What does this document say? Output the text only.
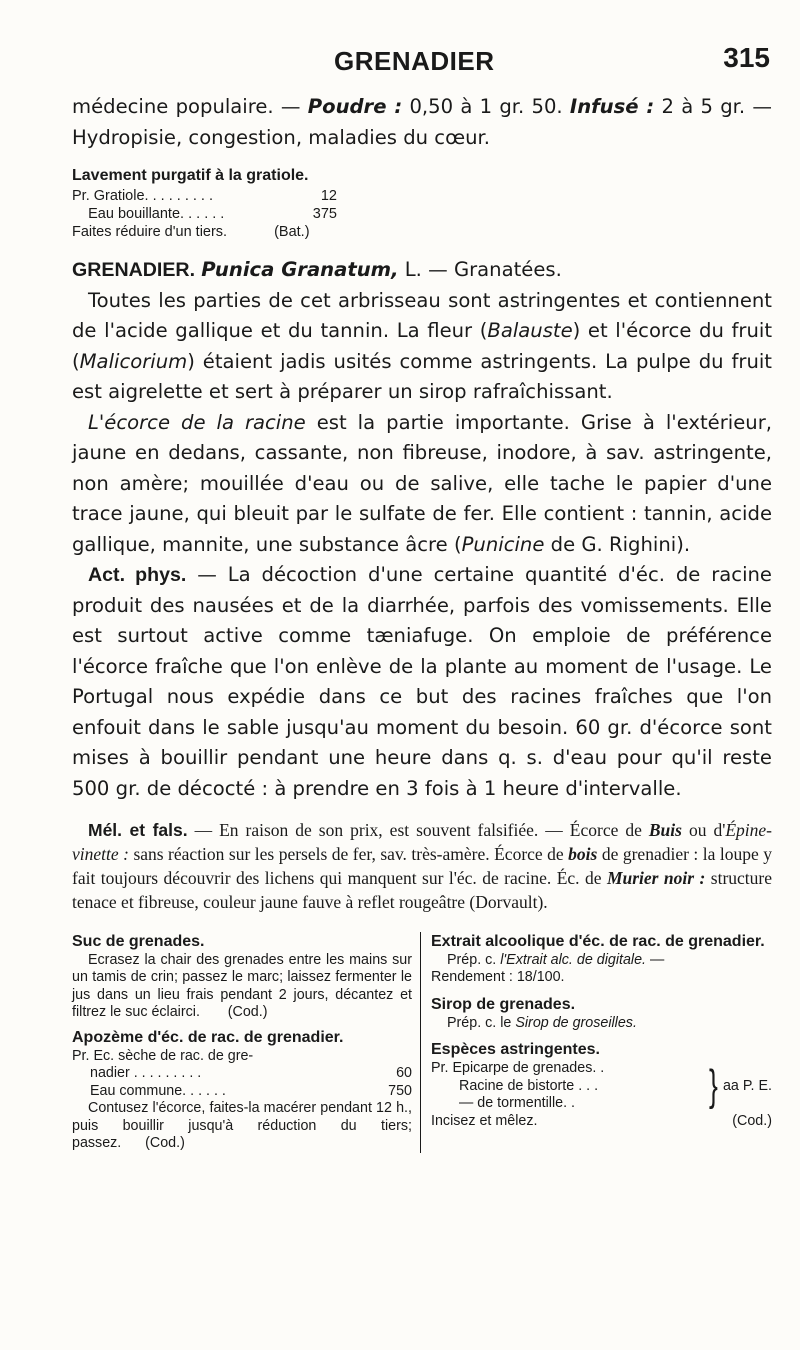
GRENADIER	315

médecine populaire. — Poudre : 0,50 à 1 gr. 50. Infusé : 2 à 5 gr. — Hydropisie, congestion, maladies du cœur.

Lavement purgatif à la gratiole.
Pr. Gratiole. . . . . . . . .	12
Eau bouillante. . . . . .	375
Faites réduire d'un tiers.
	(Bat.)

GRENADIER. Punica Granatum, L. — Granatées.

Toutes les parties de cet arbrisseau sont astringentes et contiennent de l'acide gallique et du tannin. La fleur (Balauste) et l'écorce du fruit (Malicorium) étaient jadis usités comme astringents. La pulpe du fruit est aigrelette et sert à préparer un sirop rafraîchissant.

L'écorce de la racine est la partie importante. Grise à l'extérieur, jaune en dedans, cassante, non fibreuse, inodore, à sav. astringente, non amère; mouillée d'eau ou de salive, elle tache le papier d'une trace jaune, qui bleuit par le sulfate de fer. Elle contient : tannin, acide gallique, mannite, une substance âcre (Punicine de G. Righini).

Act. phys. — La décoction d'une certaine quantité d'éc. de racine produit des nausées et de la diarrhée, parfois des vomissements. Elle est surtout active comme tæniafuge. On emploie de préférence l'écorce fraîche que l'on enlève de la plante au moment de l'usage. Le Portugal nous expédie dans ce but des racines fraîches que l'on enfouit dans le sable jusqu'au moment du besoin. 60 gr. d'écorce sont mises à bouillir pendant une heure dans q. s. d'eau pour qu'il reste 500 gr. de décocté : à prendre en 3 fois à 1 heure d'intervalle.

Mél. et fals. — En raison de son prix, est souvent falsifiée. — Écorce de Buis ou d'Épine-vinette : sans réaction sur les persels de fer, sav. très-amère. Écorce de bois de grenadier : la loupe y fait toujours découvrir des lichens qui manquent sur l'éc. de racine. Éc. de Murier noir : structure tenace et fibreuse, couleur jaune fauve à reflet rougeâtre (Dorvault).

Suc de grenades.
Ecrasez la chair des grenades entre les mains sur un tamis de crin; passez le marc; laissez fermenter le jus dans un lieu frais pendant 2 jours, décantez et filtrez le suc éclairci. (Cod.)
Apozème d'éc. de rac. de grenadier.
Pr. Ec. sèche de rac. de gre-
nadier . . . . . . . . .	60
Eau commune. . . . . .	750
Contusez l'écorce, faites-la macérer pendant 12 h., puis bouillir jusqu'à réduction du tiers; passez. (Cod.)
Extrait alcoolique d'éc. de rac. de grenadier.
Prép. c. l'Extrait alc. de digitale. —
Rendement : 18/100.
Sirop de grenades.
Prép. c. le Sirop de groseilles.
Espèces astringentes.
Pr. Epicarpe de grenades. .
Racine de bistorte . . .
— de tormentille. .	} aa P. E.
Incisez et mêlez.	(Cod.)
